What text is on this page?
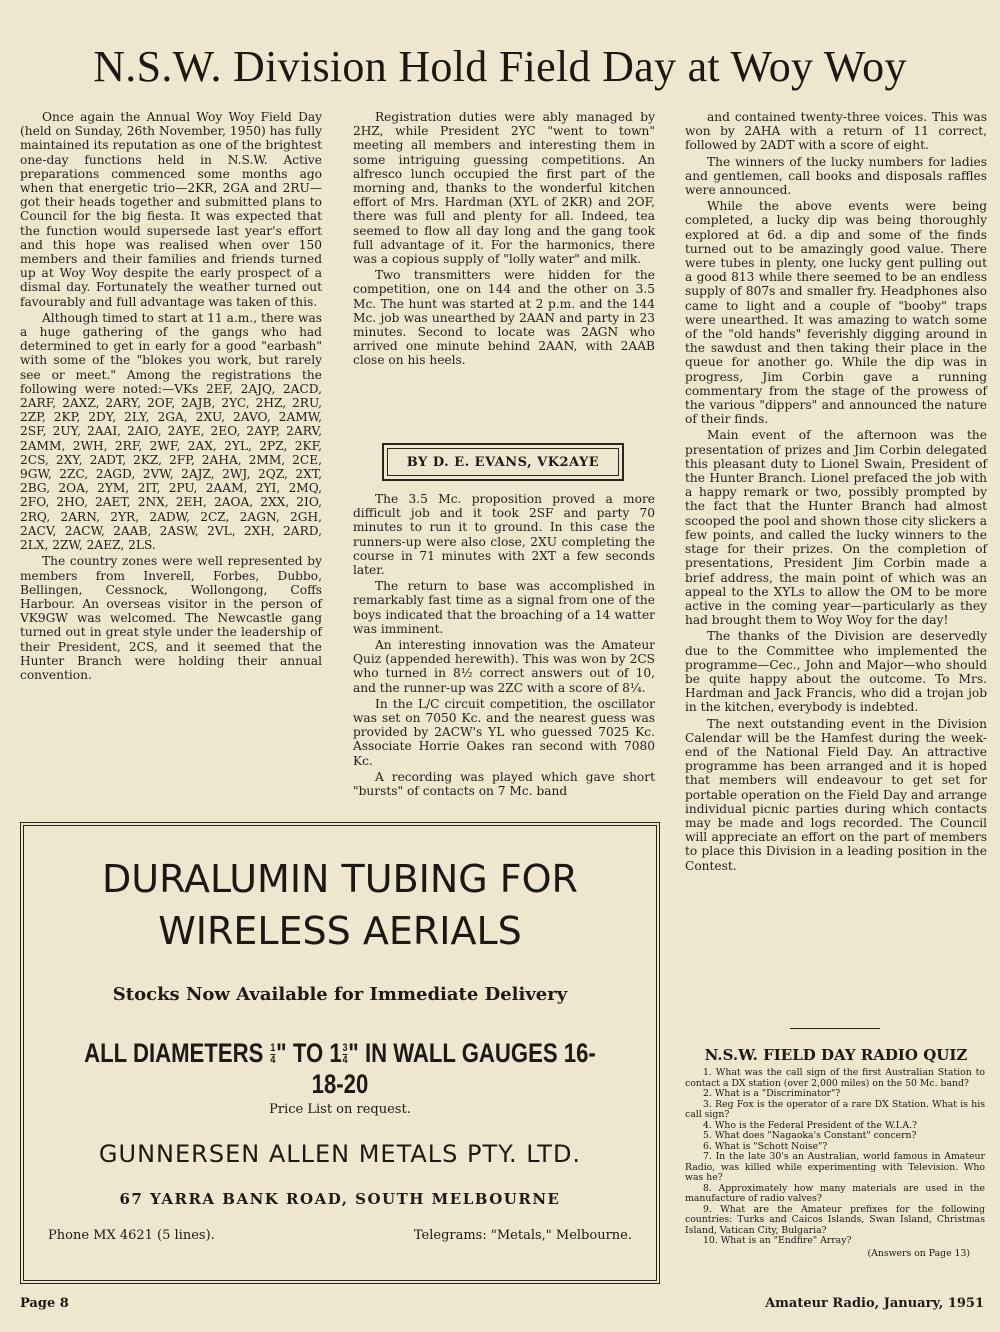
N.S.W. Division Hold Field Day at Woy Woy

Once again the Annual Woy Woy Field Day (held on Sunday, 26th November, 1950) has fully maintained its reputation as one of the brightest one-day functions held in N.S.W. Active preparations commenced some months ago when that energetic trio—2KR, 2GA and 2RU—got their heads together and submitted plans to Council for the big fiesta. It was expected that the function would supersede last year's effort and this hope was realised when over 150 members and their families and friends turned up at Woy Woy despite the early prospect of a dismal day. Fortunately the weather turned out favourably and full advantage was taken of this.

Although timed to start at 11 a.m., there was a huge gathering of the gangs who had determined to get in early for a good "earbash" with some of the "blokes you work, but rarely see or meet." Among the registrations the following were noted:—VKs 2EF, 2AJQ, 2ACD, 2ARF, 2AXZ, 2ARY, 2OF, 2AJB, 2YC, 2HZ, 2RU, 2ZP, 2KP, 2DY, 2LY, 2GA, 2XU, 2AVO, 2AMW, 2SF, 2UY, 2AAI, 2AIO, 2AYE, 2EO, 2AYP, 2ARV, 2AMM, 2WH, 2RF, 2WF, 2AX, 2YL, 2PZ, 2KF, 2CS, 2XY, 2ADT, 2KZ, 2FP, 2AHA, 2MM, 2CE, 9GW, 2ZC, 2AGD, 2VW, 2AJZ, 2WJ, 2QZ, 2XT, 2BG, 2OA, 2YM, 2IT, 2PU, 2AAM, 2YI, 2MQ, 2FO, 2HO, 2AET, 2NX, 2EH, 2AOA, 2XX, 2IO, 2RQ, 2ARN, 2YR, 2ADW, 2CZ, 2AGN, 2GH, 2ACV, 2ACW, 2AAB, 2ASW, 2VL, 2XH, 2ARD, 2LX, 2ZW, 2AEZ, 2LS.

The country zones were well represented by members from Inverell, Forbes, Dubbo, Bellingen, Cessnock, Wollongong, Coffs Harbour. An overseas visitor in the person of VK9GW was welcomed. The Newcastle gang turned out in great style under the leadership of their President, 2CS, and it seemed that the Hunter Branch were holding their annual convention.

Registration duties were ably managed by 2HZ, while President 2YC "went to town" meeting all members and interesting them in some intriguing guessing competitions. An alfresco lunch occupied the first part of the morning and, thanks to the wonderful kitchen effort of Mrs. Hardman (XYL of 2KR) and 2OF, there was full and plenty for all. Indeed, tea seemed to flow all day long and the gang took full advantage of it. For the harmonics, there was a copious supply of "lolly water" and milk.

Two transmitters were hidden for the competition, one on 144 and the other on 3.5 Mc. The hunt was started at 2 p.m. and the 144 Mc. job was unearthed by 2AAN and party in 23 minutes. Second to locate was 2AGN who arrived one minute behind 2AAN, with 2AAB close on his heels.

BY D. E. EVANS, VK2AYE

The 3.5 Mc. proposition proved a more difficult job and it took 2SF and party 70 minutes to run it to ground. In this case the runners-up were also close, 2XU completing the course in 71 minutes with 2XT a few seconds later.

The return to base was accomplished in remarkably fast time as a signal from one of the boys indicated that the broaching of a 14 watter was imminent.

An interesting innovation was the Amateur Quiz (appended herewith). This was won by 2CS who turned in 8½ correct answers out of 10, and the runner-up was 2ZC with a score of 8¼.

In the L/C circuit competition, the oscillator was set on 7050 Kc. and the nearest guess was provided by 2ACW's YL who guessed 7025 Kc. Associate Horrie Oakes ran second with 7080 Kc.

A recording was played which gave short "bursts" of contacts on 7 Mc. band

and contained twenty-three voices. This was won by 2AHA with a return of 11 correct, followed by 2ADT with a score of eight.

The winners of the lucky numbers for ladies and gentlemen, call books and disposals raffles were announced.

While the above events were being completed, a lucky dip was being thoroughly explored at 6d. a dip and some of the finds turned out to be amazingly good value. There were tubes in plenty, one lucky gent pulling out a good 813 while there seemed to be an endless supply of 807s and smaller fry. Headphones also came to light and a couple of "booby" traps were unearthed. It was amazing to watch some of the "old hands" feverishly digging around in the sawdust and then taking their place in the queue for another go. While the dip was in progress, Jim Corbin gave a running commentary from the stage of the prowess of the various "dippers" and announced the nature of their finds.

Main event of the afternoon was the presentation of prizes and Jim Corbin delegated this pleasant duty to Lionel Swain, President of the Hunter Branch. Lionel prefaced the job with a happy remark or two, possibly prompted by the fact that the Hunter Branch had almost scooped the pool and shown those city slickers a few points, and called the lucky winners to the stage for their prizes. On the completion of presentations, President Jim Corbin made a brief address, the main point of which was an appeal to the XYLs to allow the OM to be more active in the coming year—particularly as they had brought them to Woy Woy for the day!

The thanks of the Division are deservedly due to the Committee who implemented the programme—Cec., John and Major—who should be quite happy about the outcome. To Mrs. Hardman and Jack Francis, who did a trojan job in the kitchen, everybody is indebted.

The next outstanding event in the Division Calendar will be the Hamfest during the week-end of the National Field Day. An attractive programme has been arranged and it is hoped that members will endeavour to get set for portable operation on the Field Day and arrange individual picnic parties during which contacts may be made and logs recorded. The Council will appreciate an effort on the part of members to place this Division in a leading position in the Contest.

N.S.W. FIELD DAY RADIO QUIZ
1. What was the call sign of the first Australian Station to contact a DX station (over 2,000 miles) on the 50 Mc. band?
2. What is a "Discriminator"?
3. Reg Fox is the operator of a rare DX Station. What is his call sign?
4. Who is the Federal President of the W.I.A.?
5. What does "Nagaoka's Constant" concern?
6. What is "Schott Noise"?
7. In the late 30's an Australian, world famous in Amateur Radio, was killed while experimenting with Television. Who was he?
8. Approximately how many materials are used in the manufacture of radio valves?
9. What are the Amateur prefixes for the following countries: Turks and Caicos Islands, Swan Island, Christmas Island, Vatican City, Bulgaria?
10. What is an "Endfire" Array?
(Answers on Page 13)
DURALUMIN TUBING FOR
WIRELESS AERIALS
Stocks Now Available for Immediate Delivery
ALL DIAMETERS $\frac{1}{4}$ " TO $1 \frac{3}{4}$ " IN WALL GAUGES 16-18-20
Price List on request.
GUNNERSEN ALLEN METALS PTY. LTD.
67 YARRA BANK ROAD, SOUTH MELBOURNE
Phone MX 4621 (5 lines).	Telegrams: "Metals," Melbourne.
Page 8	Amateur Radio, January, 1951
